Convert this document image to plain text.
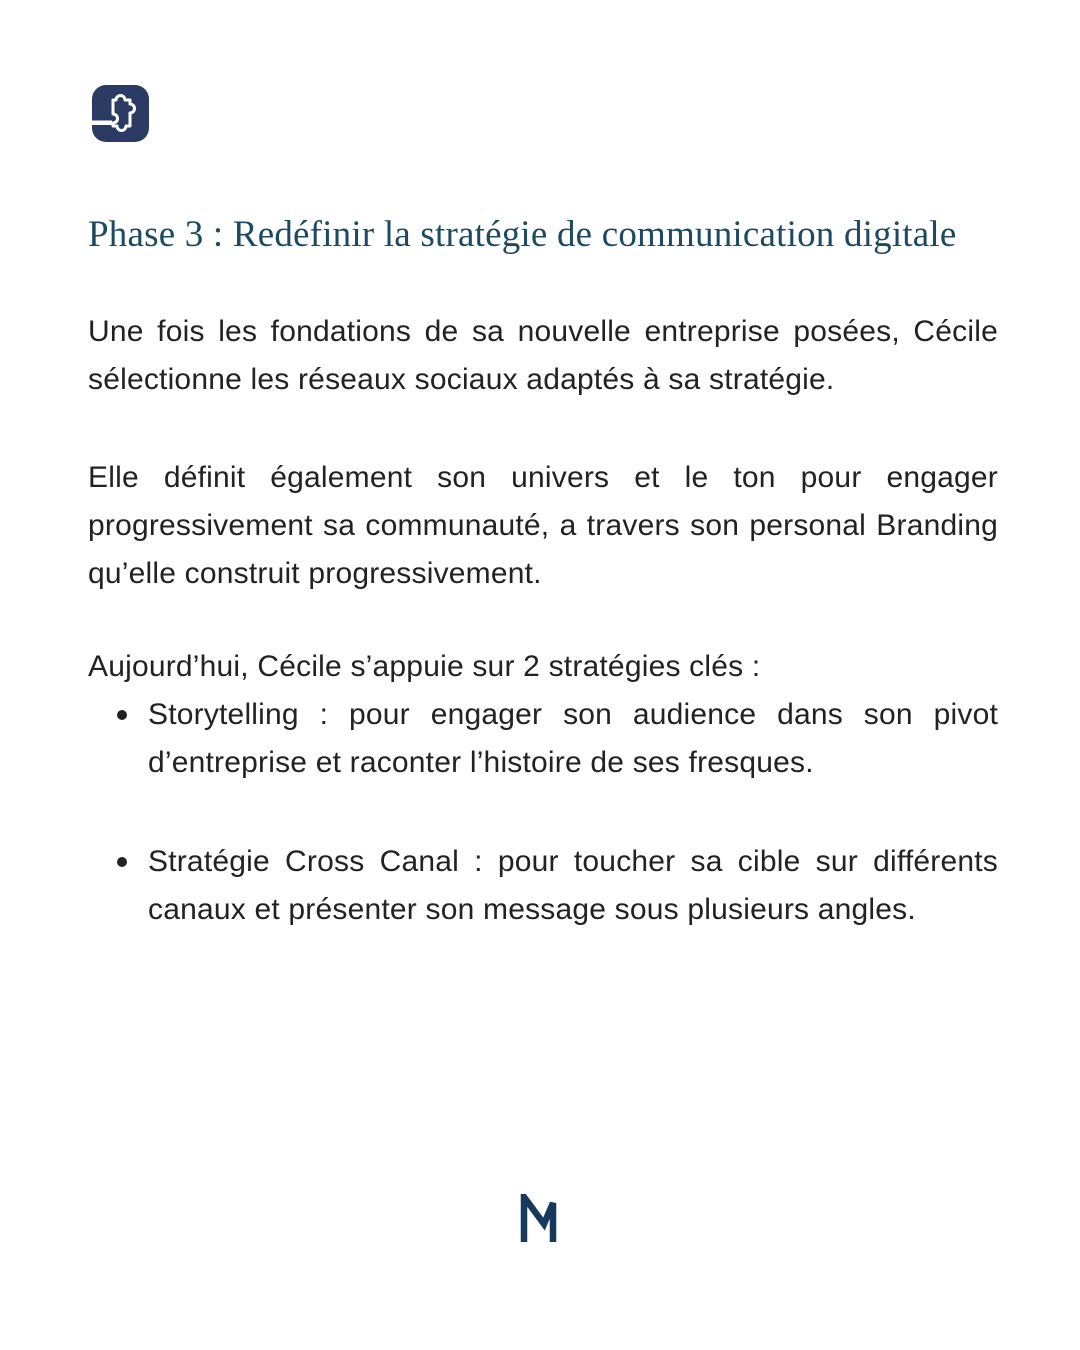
Phase 3 : Redéfinir la stratégie de communication digitale

Une fois les fondations de sa nouvelle entreprise posées, Cécile sélectionne les réseaux sociaux adaptés à sa stratégie.

Elle définit également son univers et le ton pour engager progressivement sa communauté, a travers son personal Branding qu’elle construit progressivement.

Aujourd’hui, Cécile s’appuie sur 2 stratégies clés :

Storytelling : pour engager son audience dans son pivot d’entreprise et raconter l’histoire de ses fresques.
Stratégie Cross Canal : pour toucher sa cible sur différents canaux et présenter son message sous plusieurs angles.
